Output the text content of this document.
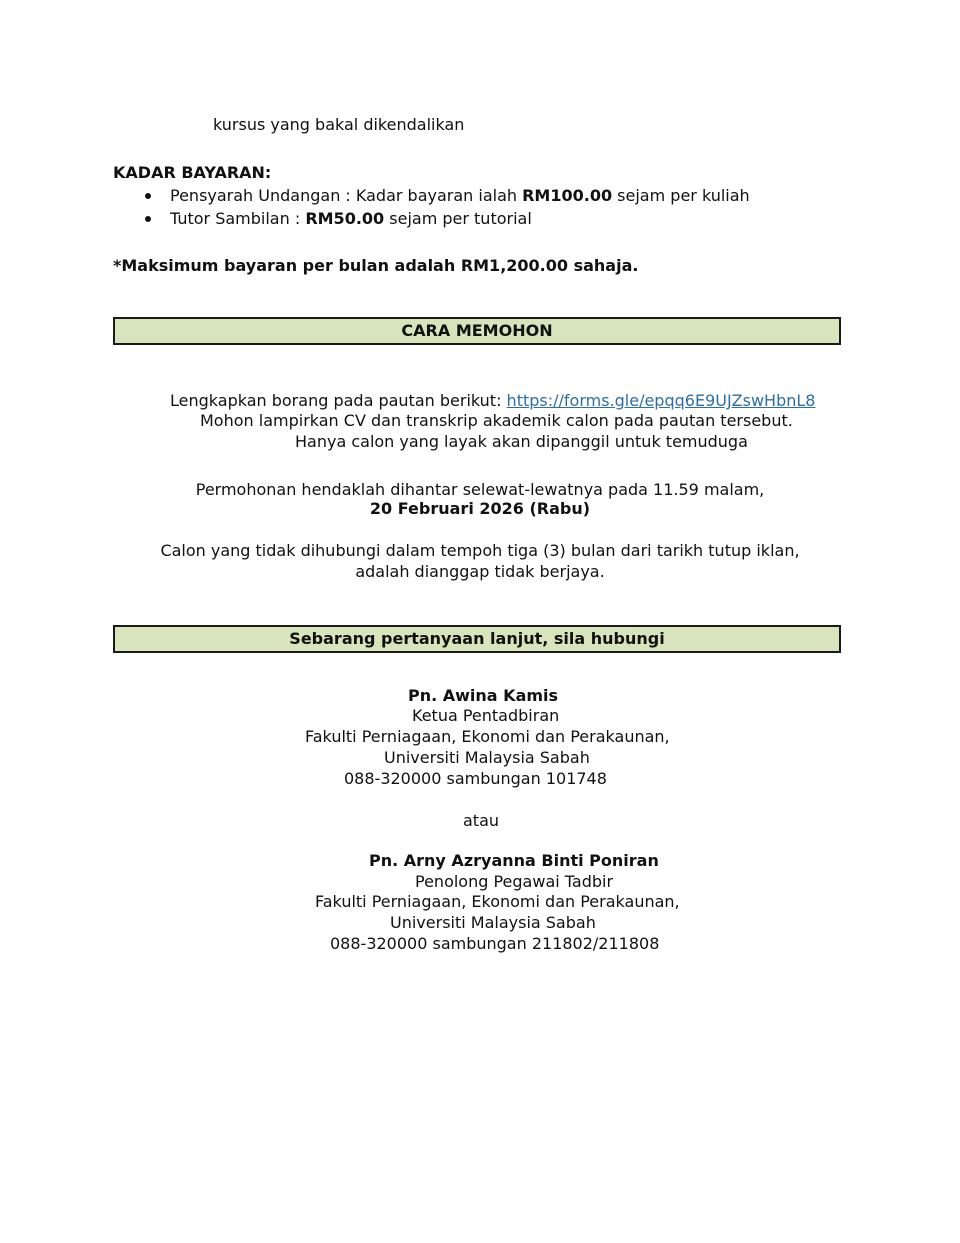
kursus yang bakal dikendalikan
KADAR BAYARAN:
Pensyarah Undangan : Kadar bayaran ialah RM100.00 sejam per kuliah
Tutor Sambilan : RM50.00 sejam per tutorial
*Maksimum bayaran per bulan adalah RM1,200.00 sahaja.
CARA MEMOHON
Lengkapkan borang pada pautan berikut: https://forms.gle/epqq6E9UJZswHbnL8
Mohon lampirkan CV dan transkrip akademik calon pada pautan tersebut.
Hanya calon yang layak akan dipanggil untuk temuduga
Permohonan hendaklah dihantar selewat-lewatnya pada 11.59 malam,
20 Februari 2026 (Rabu)
Calon yang tidak dihubungi dalam tempoh tiga (3) bulan dari tarikh tutup iklan,
adalah dianggap tidak berjaya.
Sebarang pertanyaan lanjut, sila hubungi
Pn. Awina Kamis
Ketua Pentadbiran
Fakulti Perniagaan, Ekonomi dan Perakaunan,
Universiti Malaysia Sabah
088-320000 sambungan 101748
atau
Pn. Arny Azryanna Binti Poniran
Penolong Pegawai Tadbir
Fakulti Perniagaan, Ekonomi dan Perakaunan,
Universiti Malaysia Sabah
088-320000 sambungan 211802/211808
